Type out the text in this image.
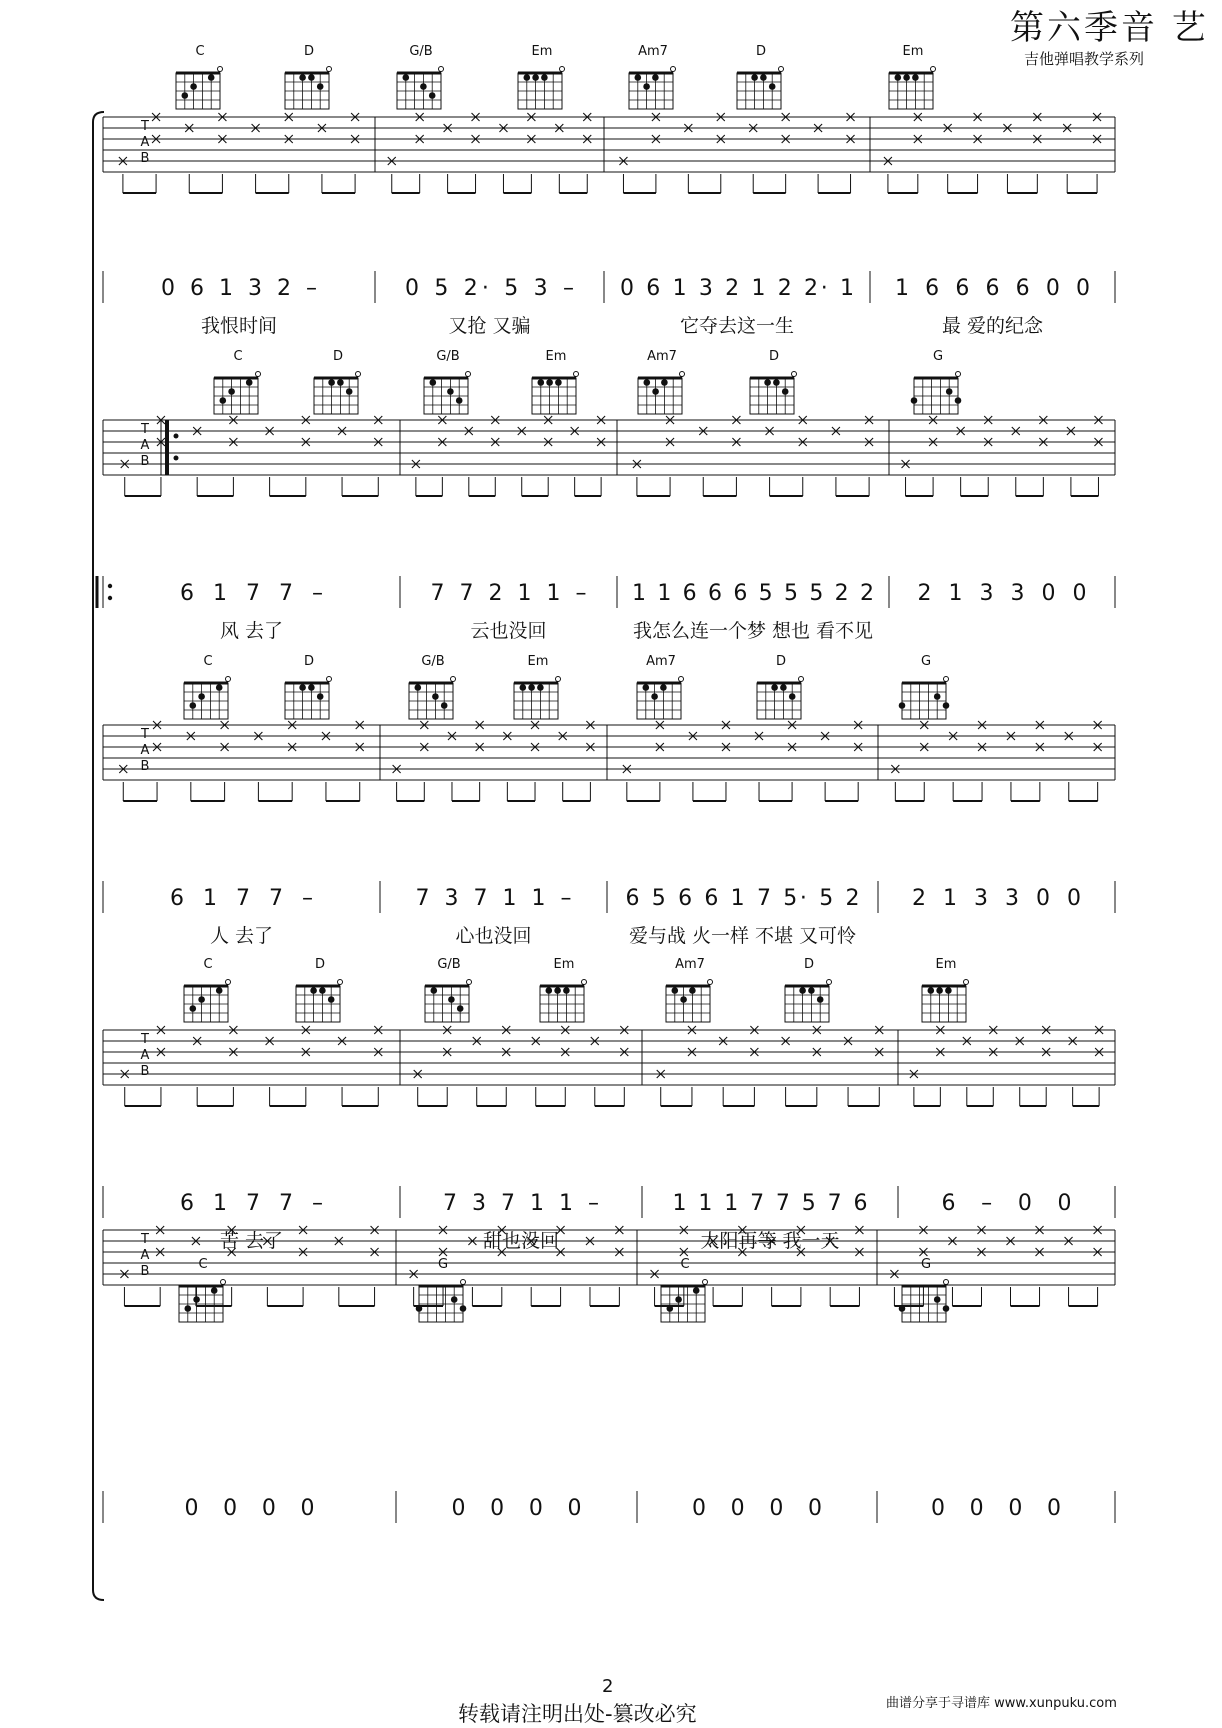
第六季音 艺
吉他弹唱教学系列
C	D	G/B	Em	Am7	D	Em
T
A
B
0 6 1 3 2 –	0 5 2· 5 3 – 0 6 1 3 2 1 2 2· 1 1 6 6 6 6 0 0
我恨时间	又抢 又骗	它夺去这一生	最 爱的纪念
C	D	G/B	Em	Am7	D	G
T
A
B
6 1 7 7 –	7 7 2 1 1 – 1 1 6 6 6 5 5 5 2 2 2 1 3 3 0 0
风 去了	云也没回	我怎么连一个梦 想也 看不见
C	D	G/B	Em	Am7	D	G
T
A
B
6 1 7 7 –	7 3 7 1 1 – 6 5 6 6 1 7 5· 5 2 2 1 3 3 0 0
人 去了	心也没回	爱与战 火一样 不堪 又可怜
C	D	G/B	Em	Am7	D	Em
T
A
B
6 1 7 7 –	7 3 7 1 1 –	1 1 1 7 7 5 7 6	6 – 0 0
苦 去了	甜也没回	太阳再等 我一天
C	G	C	G
T
A
B
0 0 0 0	0 0 0 0	0 0 0 0	0 0 0 0
2
转载请注明出处-篡改必究	曲谱分享于寻谱库 www.xunpuku.com
